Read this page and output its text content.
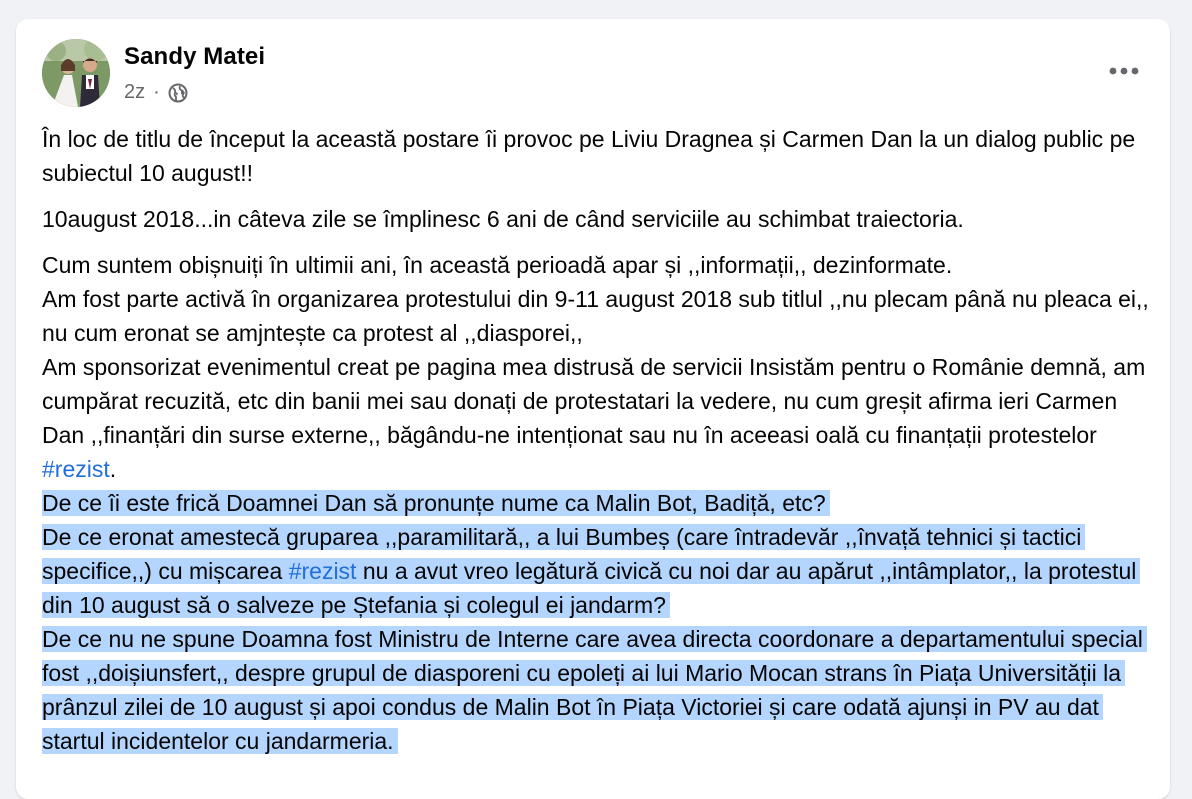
Sandy Matei
2z ·

În loc de titlu de început la această postare îi provoc pe Liviu Dragnea și Carmen Dan la un dialog public pe subiectul 10 august!!

10august 2018...in câteva zile se împlinesc 6 ani de când serviciile au schimbat traiectoria.

Cum suntem obișnuiți în ultimii ani, în această perioadă apar și ,,informații,, dezinformate.

Am fost parte activă în organizarea protestului din 9-11 august 2018 sub titlul ,,nu plecam până nu pleaca ei,, nu cum eronat se amjntește ca protest al ,,diasporei,,

Am sponsorizat evenimentul creat pe pagina mea distrusă de servicii Insistăm pentru o Românie demnă, am cumpărat recuzită, etc din banii mei sau donați de protestatari la vedere, nu cum greșit afirma ieri Carmen Dan ,,finanțări din surse externe,, băgându-ne intenționat sau nu în aceeasi oală cu finanțații protestelor #rezist.

De ce îi este frică Doamnei Dan să pronunțe nume ca Malin Bot, Badiță, etc?

De ce eronat amestecă gruparea ,,paramilitară,, a lui Bumbeș (care întradevăr ,,învață tehnici și tactici specifice,,) cu mișcarea #rezist nu a avut vreo legătură civică cu noi dar au apărut ,,intâmplator,, la protestul din 10 august să o salveze pe Ștefania și colegul ei jandarm?

De ce nu ne spune Doamna fost Ministru de Interne care avea directa coordonare a departamentului special fost ,,doișiunsfert,, despre grupul de diasporeni cu epoleți ai lui Mario Mocan strans în Piața Universității la prânzul zilei de 10 august și apoi condus de Malin Bot în Piața Victoriei și care odată ajunși in PV au dat startul incidentelor cu jandarmeria.
